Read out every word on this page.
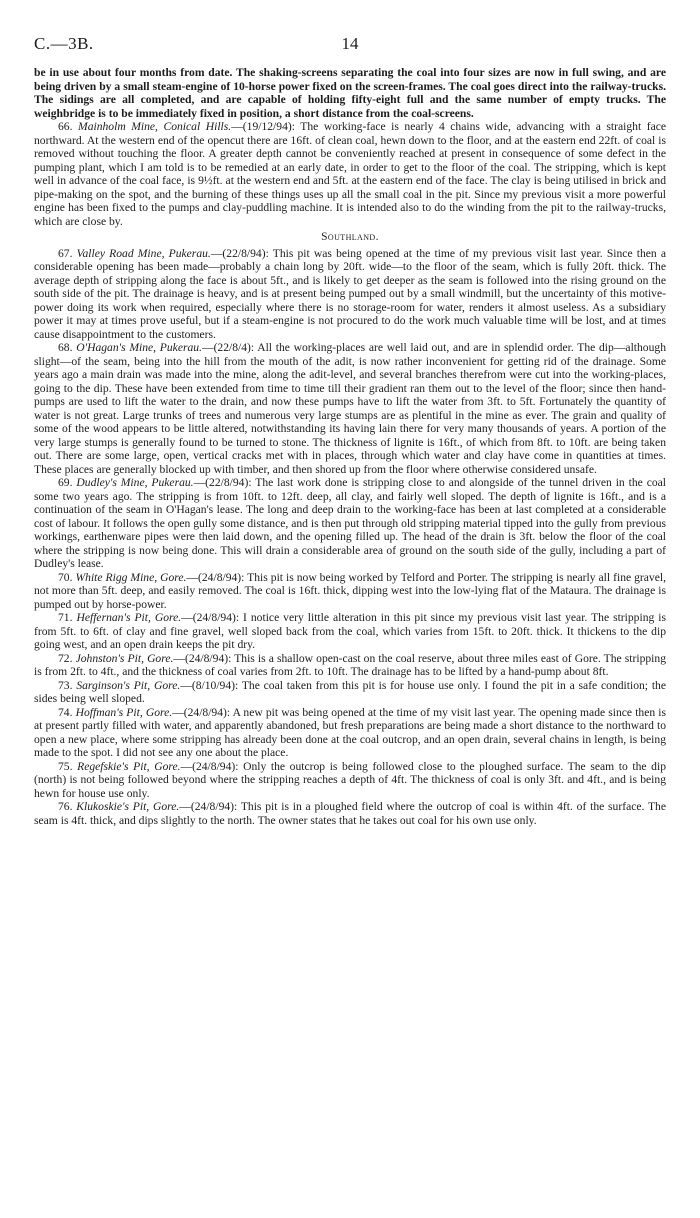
C.—3B.	14

be in use about four months from date. The shaking-screens separating the coal into four sizes are now in full swing, and are being driven by a small steam-engine of 10-horse power fixed on the screen-frames. The coal goes direct into the railway-trucks. The sidings are all completed, and are capable of holding fifty-eight full and the same number of empty trucks. The weighbridge is to be immediately fixed in position, a short distance from the coal-screens.

66. Mainholm Mine, Conical Hills.—(19/12/94): The working-face is nearly 4 chains wide, advancing with a straight face northward. At the western end of the opencut there are 16ft. of clean coal, hewn down to the floor, and at the eastern end 22ft. of coal is removed without touching the floor. A greater depth cannot be conveniently reached at present in consequence of some defect in the pumping plant, which I am told is to be remedied at an early date, in order to get to the floor of the coal. The stripping, which is kept well in advance of the coal face, is 9½ft. at the western end and 5ft. at the eastern end of the face. The clay is being utilised in brick and pipe-making on the spot, and the burning of these things uses up all the small coal in the pit. Since my previous visit a more powerful engine has been fixed to the pumps and clay-puddling machine. It is intended also to do the winding from the pit to the railway-trucks, which are close by.

Southland.

67. Valley Road Mine, Pukerau.—(22/8/94): This pit was being opened at the time of my previous visit last year. Since then a considerable opening has been made—probably a chain long by 20ft. wide—to the floor of the seam, which is fully 20ft. thick. The average depth of stripping along the face is about 5ft., and is likely to get deeper as the seam is followed into the rising ground on the south side of the pit. The drainage is heavy, and is at present being pumped out by a small windmill, but the uncertainty of this motive-power doing its work when required, especially where there is no storage-room for water, renders it almost useless. As a subsidiary power it may at times prove useful, but if a steam-engine is not procured to do the work much valuable time will be lost, and at times cause disappointment to the customers.

68. O'Hagan's Mine, Pukerau.—(22/8/4): All the working-places are well laid out, and are in splendid order. The dip—although slight—of the seam, being into the hill from the mouth of the adit, is now rather inconvenient for getting rid of the drainage. Some years ago a main drain was made into the mine, along the adit-level, and several branches therefrom were cut into the working-places, going to the dip. These have been extended from time to time till their gradient ran them out to the level of the floor; since then hand-pumps are used to lift the water to the drain, and now these pumps have to lift the water from 3ft. to 5ft. Fortunately the quantity of water is not great. Large trunks of trees and numerous very large stumps are as plentiful in the mine as ever. The grain and quality of some of the wood appears to be little altered, notwithstanding its having lain there for very many thousands of years. A portion of the very large stumps is generally found to be turned to stone. The thickness of lignite is 16ft., of which from 8ft. to 10ft. are being taken out. There are some large, open, vertical cracks met with in places, through which water and clay have come in quantities at times. These places are generally blocked up with timber, and then shored up from the floor where otherwise considered unsafe.

69. Dudley's Mine, Pukerau.—(22/8/94): The last work done is stripping close to and alongside of the tunnel driven in the coal some two years ago. The stripping is from 10ft. to 12ft. deep, all clay, and fairly well sloped. The depth of lignite is 16ft., and is a continuation of the seam in O'Hagan's lease. The long and deep drain to the working-face has been at last completed at a considerable cost of labour. It follows the open gully some distance, and is then put through old stripping material tipped into the gully from previous workings, earthenware pipes were then laid down, and the opening filled up. The head of the drain is 3ft. below the floor of the coal where the stripping is now being done. This will drain a considerable area of ground on the south side of the gully, including a part of Dudley's lease.

70. White Rigg Mine, Gore.—(24/8/94): This pit is now being worked by Telford and Porter. The stripping is nearly all fine gravel, not more than 5ft. deep, and easily removed. The coal is 16ft. thick, dipping west into the low-lying flat of the Mataura. The drainage is pumped out by horse-power.

71. Heffernan's Pit, Gore.—(24/8/94): I notice very little alteration in this pit since my previous visit last year. The stripping is from 5ft. to 6ft. of clay and fine gravel, well sloped back from the coal, which varies from 15ft. to 20ft. thick. It thickens to the dip going west, and an open drain keeps the pit dry.

72. Johnston's Pit, Gore.—(24/8/94): This is a shallow open-cast on the coal reserve, about three miles east of Gore. The stripping is from 2ft. to 4ft., and the thickness of coal varies from 2ft. to 10ft. The drainage has to be lifted by a hand-pump about 8ft.

73. Sarginson's Pit, Gore.—(8/10/94): The coal taken from this pit is for house use only. I found the pit in a safe condition; the sides being well sloped.

74. Hoffman's Pit, Gore.—(24/8/94): A new pit was being opened at the time of my visit last year. The opening made since then is at present partly filled with water, and apparently abandoned, but fresh preparations are being made a short distance to the northward to open a new place, where some stripping has already been done at the coal outcrop, and an open drain, several chains in length, is being made to the spot. I did not see any one about the place.

75. Regefskie's Pit, Gore.—(24/8/94): Only the outcrop is being followed close to the ploughed surface. The seam to the dip (north) is not being followed beyond where the stripping reaches a depth of 4ft. The thickness of coal is only 3ft. and 4ft., and is being hewn for house use only.

76. Klukoskie's Pit, Gore.—(24/8/94): This pit is in a ploughed field where the outcrop of coal is within 4ft. of the surface. The seam is 4ft. thick, and dips slightly to the north. The owner states that he takes out coal for his own use only.
